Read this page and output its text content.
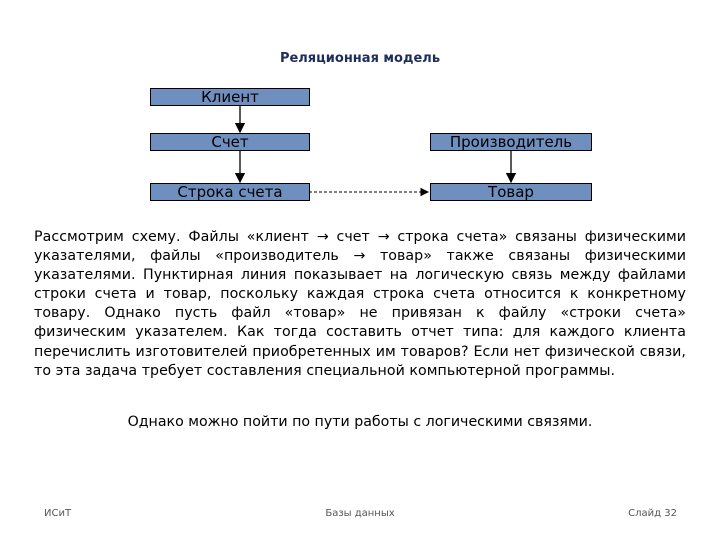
Реляционная модель
Клиент
Счет	Производитель
Строка счета	Товар
Рассмотрим схему. Файлы «клиент → счет → строка счета» связаны физическими указателями, файлы «производитель → товар» также связаны физическими указателями. Пунктирная линия показывает на логическую связь между файлами строки счета и товар, поскольку каждая строка счета относится к конкретному товару. Однако пусть файл «товар» не привязан к файлу «строки счета» физическим указателем. Как тогда составить отчет типа: для каждого клиента перечислить изготовителей приобретенных им товаров? Если нет физической связи, то эта задача требует составления специальной компьютерной программы.
Однако можно пойти по пути работы с логическими связями.
ИСиТ	Базы данных	Слайд 32
